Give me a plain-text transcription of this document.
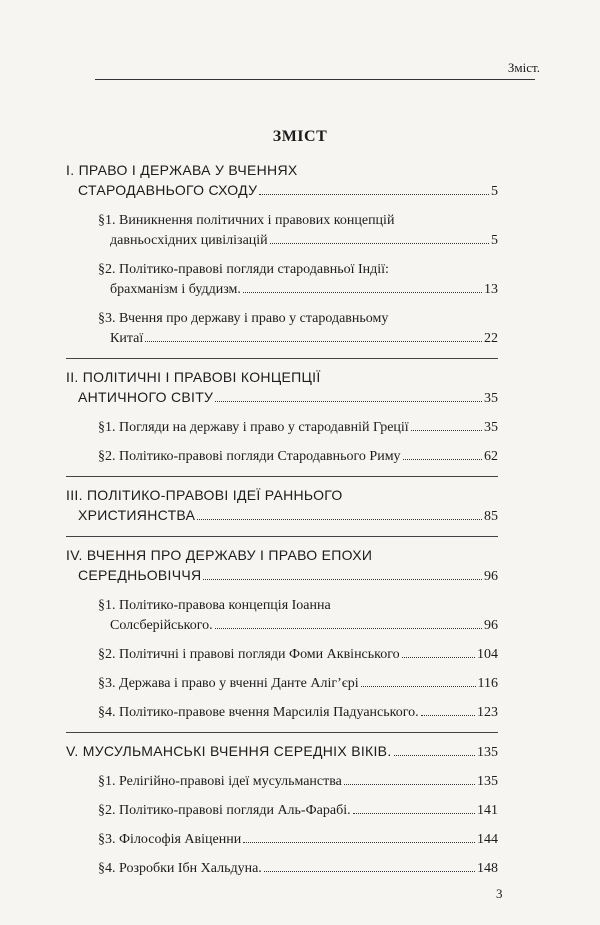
Зміст.
ЗМІСТ
I. ПРАВО І ДЕРЖАВА У ВЧЕННЯХ
СТАРОДАВНЬОГО СХОДУ	5
§1. Виникнення політичних і правових концепцій
давньосхідних цивілізацій	5
§2. Політико-правові погляди стародавньої Індії:
брахманізм і буддизм.	13
§3. Вчення про державу і право у стародавньому
Китаї	22
II. ПОЛІТИЧНІ І ПРАВОВІ КОНЦЕПЦІЇ
АНТИЧНОГО СВІТУ	35
§1. Погляди на державу і право у стародавній Греції	35
§2. Політико-правові погляди Стародавнього Риму	62
III. ПОЛІТИКО-ПРАВОВІ ІДЕЇ РАННЬОГО
ХРИСТИЯНСТВА	85
IV. ВЧЕННЯ ПРО ДЕРЖАВУ І ПРАВО ЕПОХИ
СЕРЕДНЬОВІЧЧЯ	96
§1. Політико-правова концепція Іоанна
Солсберійського.	96
§2. Політичні і правові погляди Фоми Аквінського	104
§3. Держава і право у вченні Данте Аліг’єрі	116
§4. Політико-правове вчення Марсилія Падуанського.	123
V. МУСУЛЬМАНСЬКІ ВЧЕННЯ СЕРЕДНІХ ВІКІВ.	135
§1. Релігійно-правові ідеї мусульманства	135
§2. Політико-правові погляди Аль-Фарабі.	141
§3. Філософія Авіценни	144
§4. Розробки Ібн Хальдуна.	148
3
